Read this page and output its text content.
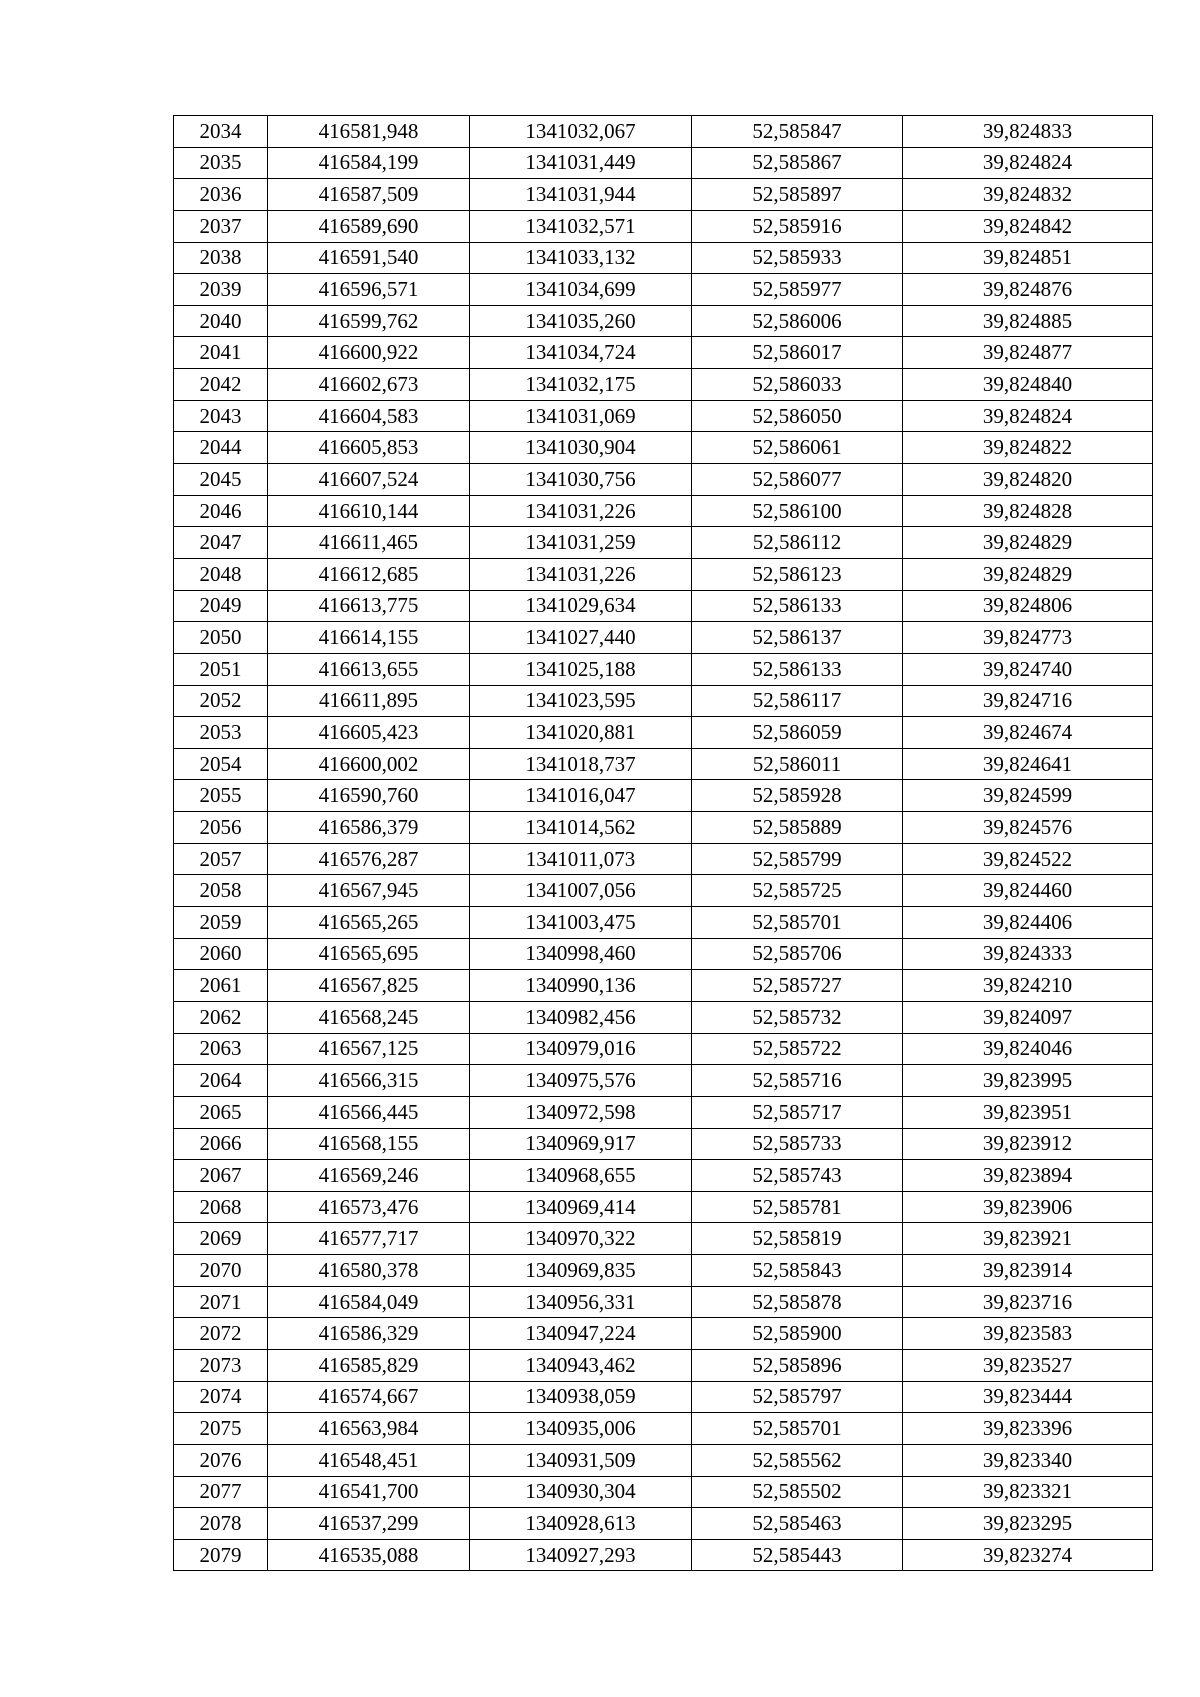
2034	416581,948	1341032,067	52,585847	39,824833
2035	416584,199	1341031,449	52,585867	39,824824
2036	416587,509	1341031,944	52,585897	39,824832
2037	416589,690	1341032,571	52,585916	39,824842
2038	416591,540	1341033,132	52,585933	39,824851
2039	416596,571	1341034,699	52,585977	39,824876
2040	416599,762	1341035,260	52,586006	39,824885
2041	416600,922	1341034,724	52,586017	39,824877
2042	416602,673	1341032,175	52,586033	39,824840
2043	416604,583	1341031,069	52,586050	39,824824
2044	416605,853	1341030,904	52,586061	39,824822
2045	416607,524	1341030,756	52,586077	39,824820
2046	416610,144	1341031,226	52,586100	39,824828
2047	416611,465	1341031,259	52,586112	39,824829
2048	416612,685	1341031,226	52,586123	39,824829
2049	416613,775	1341029,634	52,586133	39,824806
2050	416614,155	1341027,440	52,586137	39,824773
2051	416613,655	1341025,188	52,586133	39,824740
2052	416611,895	1341023,595	52,586117	39,824716
2053	416605,423	1341020,881	52,586059	39,824674
2054	416600,002	1341018,737	52,586011	39,824641
2055	416590,760	1341016,047	52,585928	39,824599
2056	416586,379	1341014,562	52,585889	39,824576
2057	416576,287	1341011,073	52,585799	39,824522
2058	416567,945	1341007,056	52,585725	39,824460
2059	416565,265	1341003,475	52,585701	39,824406
2060	416565,695	1340998,460	52,585706	39,824333
2061	416567,825	1340990,136	52,585727	39,824210
2062	416568,245	1340982,456	52,585732	39,824097
2063	416567,125	1340979,016	52,585722	39,824046
2064	416566,315	1340975,576	52,585716	39,823995
2065	416566,445	1340972,598	52,585717	39,823951
2066	416568,155	1340969,917	52,585733	39,823912
2067	416569,246	1340968,655	52,585743	39,823894
2068	416573,476	1340969,414	52,585781	39,823906
2069	416577,717	1340970,322	52,585819	39,823921
2070	416580,378	1340969,835	52,585843	39,823914
2071	416584,049	1340956,331	52,585878	39,823716
2072	416586,329	1340947,224	52,585900	39,823583
2073	416585,829	1340943,462	52,585896	39,823527
2074	416574,667	1340938,059	52,585797	39,823444
2075	416563,984	1340935,006	52,585701	39,823396
2076	416548,451	1340931,509	52,585562	39,823340
2077	416541,700	1340930,304	52,585502	39,823321
2078	416537,299	1340928,613	52,585463	39,823295
2079	416535,088	1340927,293	52,585443	39,823274
